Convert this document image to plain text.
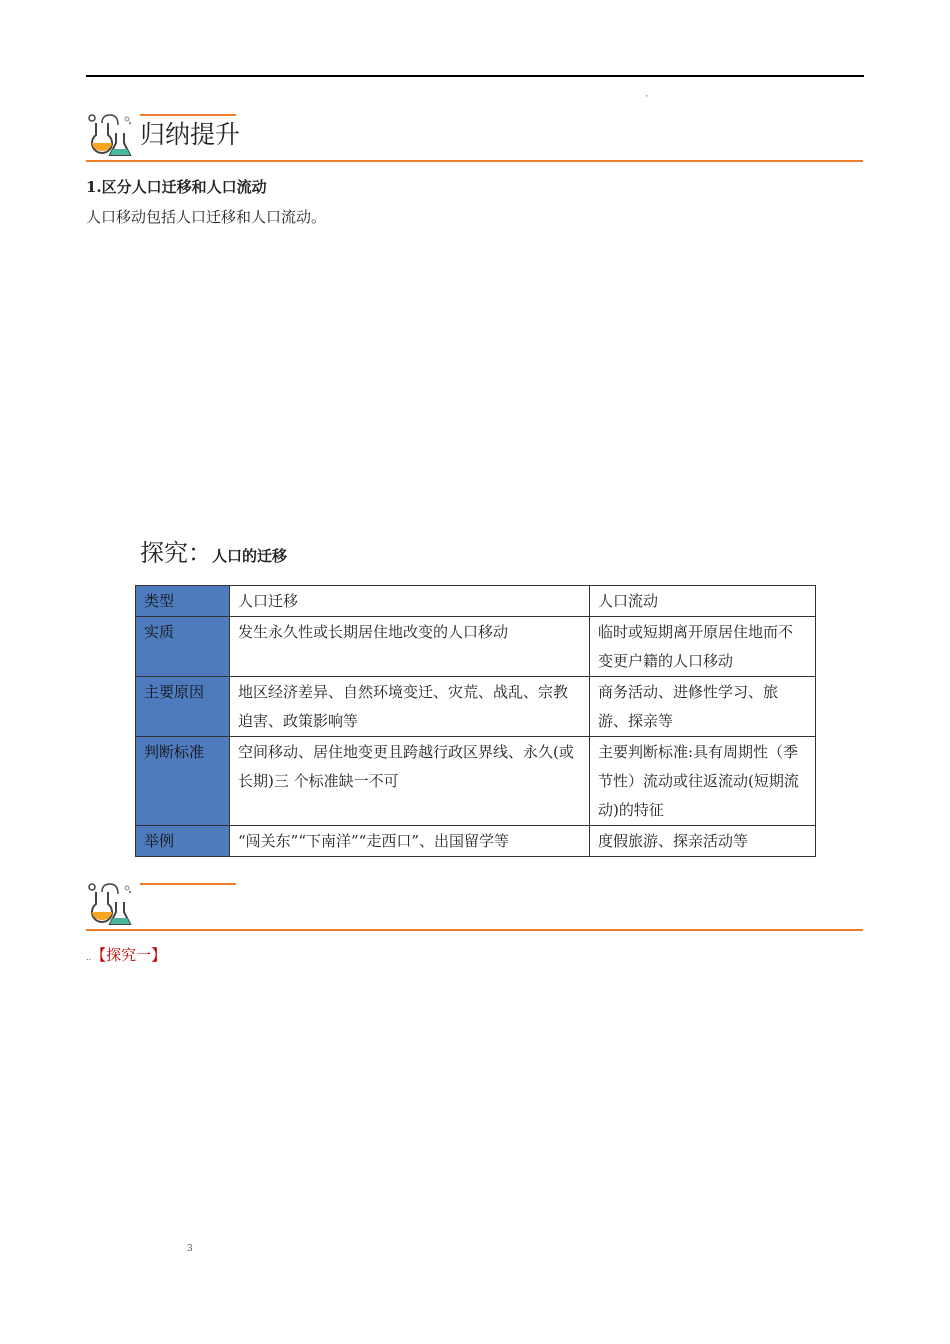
、
归纳提升
1.区分人口迁移和人口流动
人口移动包括人口迁移和人口流动。
探究：人口的迁移
类型	人口迁移	人口流动
实质	发生永久性或长期居住地改变的人口移动	临时或短期离开原居住地而不变更户籍的人口移动
主要原因	地区经济差异、自然环境变迁、灾荒、战乱、宗教迫害、政策影响等	商务活动、进修性学习、旅游、探亲等
判断标准	空间移动、居住地变更且跨越行政区界线、永久(或长期)三 个标准缺一不可	主要判断标准:具有周期性（季节性）流动或往返流动(短期流动)的特征
举例	“闯关东”“下南洋”“走西口”、出国留学等	度假旅游、探亲活动等
..【探究一】
3
